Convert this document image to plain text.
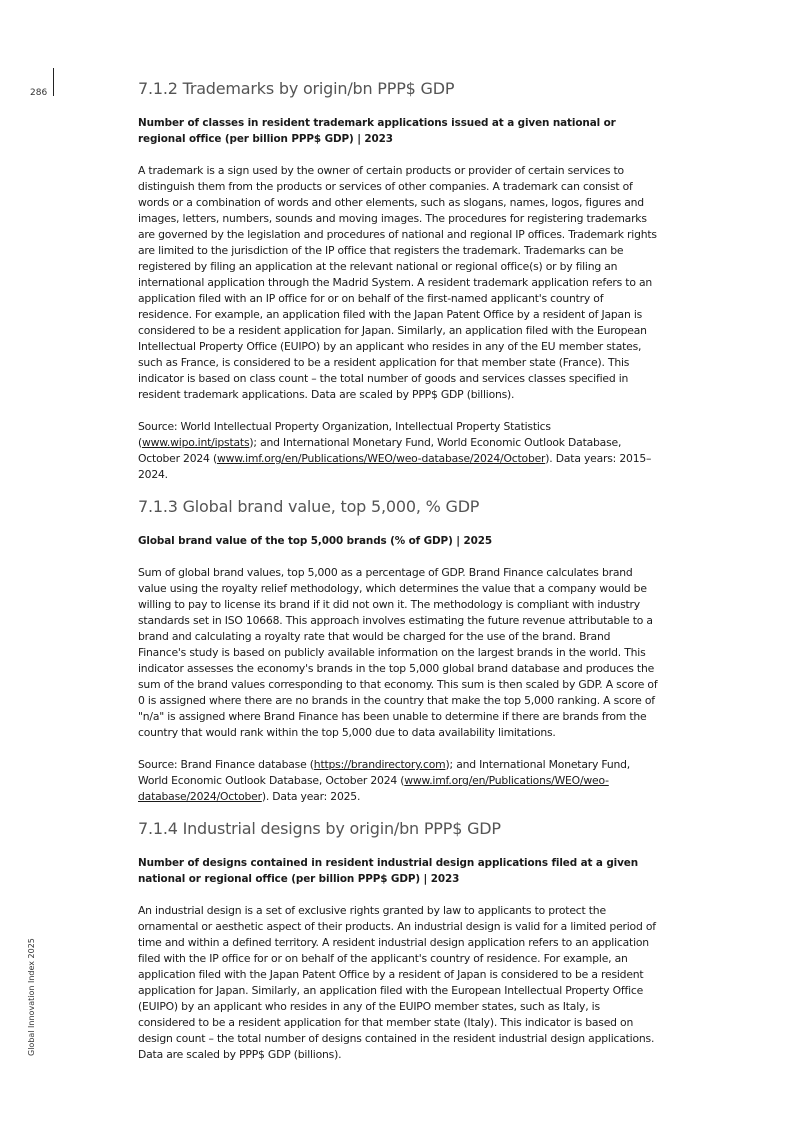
286
Global Innovation Index 2025
7.1.2 Trademarks by origin/bn PPP$ GDP

Number of classes in resident trademark applications issued at a given national or regional office (per billion PPP$ GDP) | 2023

A trademark is a sign used by the owner of certain products or provider of certain services to distinguish them from the products or services of other companies. A trademark can consist of words or a combination of words and other elements, such as slogans, names, logos, figures and images, letters, numbers, sounds and moving images. The procedures for registering trademarks are governed by the legislation and procedures of national and regional IP offices. Trademark rights are limited to the jurisdiction of the IP office that registers the trademark. Trademarks can be registered by filing an application at the relevant national or regional office(s) or by filing an international application through the Madrid System. A resident trademark application refers to an application filed with an IP office for or on behalf of the first-named applicant's country of residence. For example, an application filed with the Japan Patent Office by a resident of Japan is considered to be a resident application for Japan. Similarly, an application filed with the European Intellectual Property Office (EUIPO) by an applicant who resides in any of the EU member states, such as France, is considered to be a resident application for that member state (France). This indicator is based on class count – the total number of goods and services classes specified in resident trademark applications. Data are scaled by PPP$ GDP (billions).

Source: World Intellectual Property Organization, Intellectual Property Statistics (www.wipo.int/ipstats); and International Monetary Fund, World Economic Outlook Database, October 2024 (www.imf.org/en/Publications/WEO/weo-database/2024/October). Data years: 2015–2024.

7.1.3 Global brand value, top 5,000, % GDP

Global brand value of the top 5,000 brands (% of GDP) | 2025

Sum of global brand values, top 5,000 as a percentage of GDP. Brand Finance calculates brand value using the royalty relief methodology, which determines the value that a company would be willing to pay to license its brand if it did not own it. The methodology is compliant with industry standards set in ISO 10668. This approach involves estimating the future revenue attributable to a brand and calculating a royalty rate that would be charged for the use of the brand. Brand Finance's study is based on publicly available information on the largest brands in the world. This indicator assesses the economy's brands in the top 5,000 global brand database and produces the sum of the brand values corresponding to that economy. This sum is then scaled by GDP. A score of 0 is assigned where there are no brands in the country that make the top 5,000 ranking. A score of "n/a" is assigned where Brand Finance has been unable to determine if there are brands from the country that would rank within the top 5,000 due to data availability limitations.

Source: Brand Finance database (https://brandirectory.com); and International Monetary Fund, World Economic Outlook Database, October 2024 (www.imf.org/en/Publications/WEO/weo-database/2024/October). Data year: 2025.

7.1.4 Industrial designs by origin/bn PPP$ GDP

Number of designs contained in resident industrial design applications filed at a given national or regional office (per billion PPP$ GDP) | 2023

An industrial design is a set of exclusive rights granted by law to applicants to protect the ornamental or aesthetic aspect of their products. An industrial design is valid for a limited period of time and within a defined territory. A resident industrial design application refers to an application filed with the IP office for or on behalf of the applicant's country of residence. For example, an application filed with the Japan Patent Office by a resident of Japan is considered to be a resident application for Japan. Similarly, an application filed with the European Intellectual Property Office (EUIPO) by an applicant who resides in any of the EUIPO member states, such as Italy, is considered to be a resident application for that member state (Italy). This indicator is based on design count – the total number of designs contained in the resident industrial design applications. Data are scaled by PPP$ GDP (billions).
